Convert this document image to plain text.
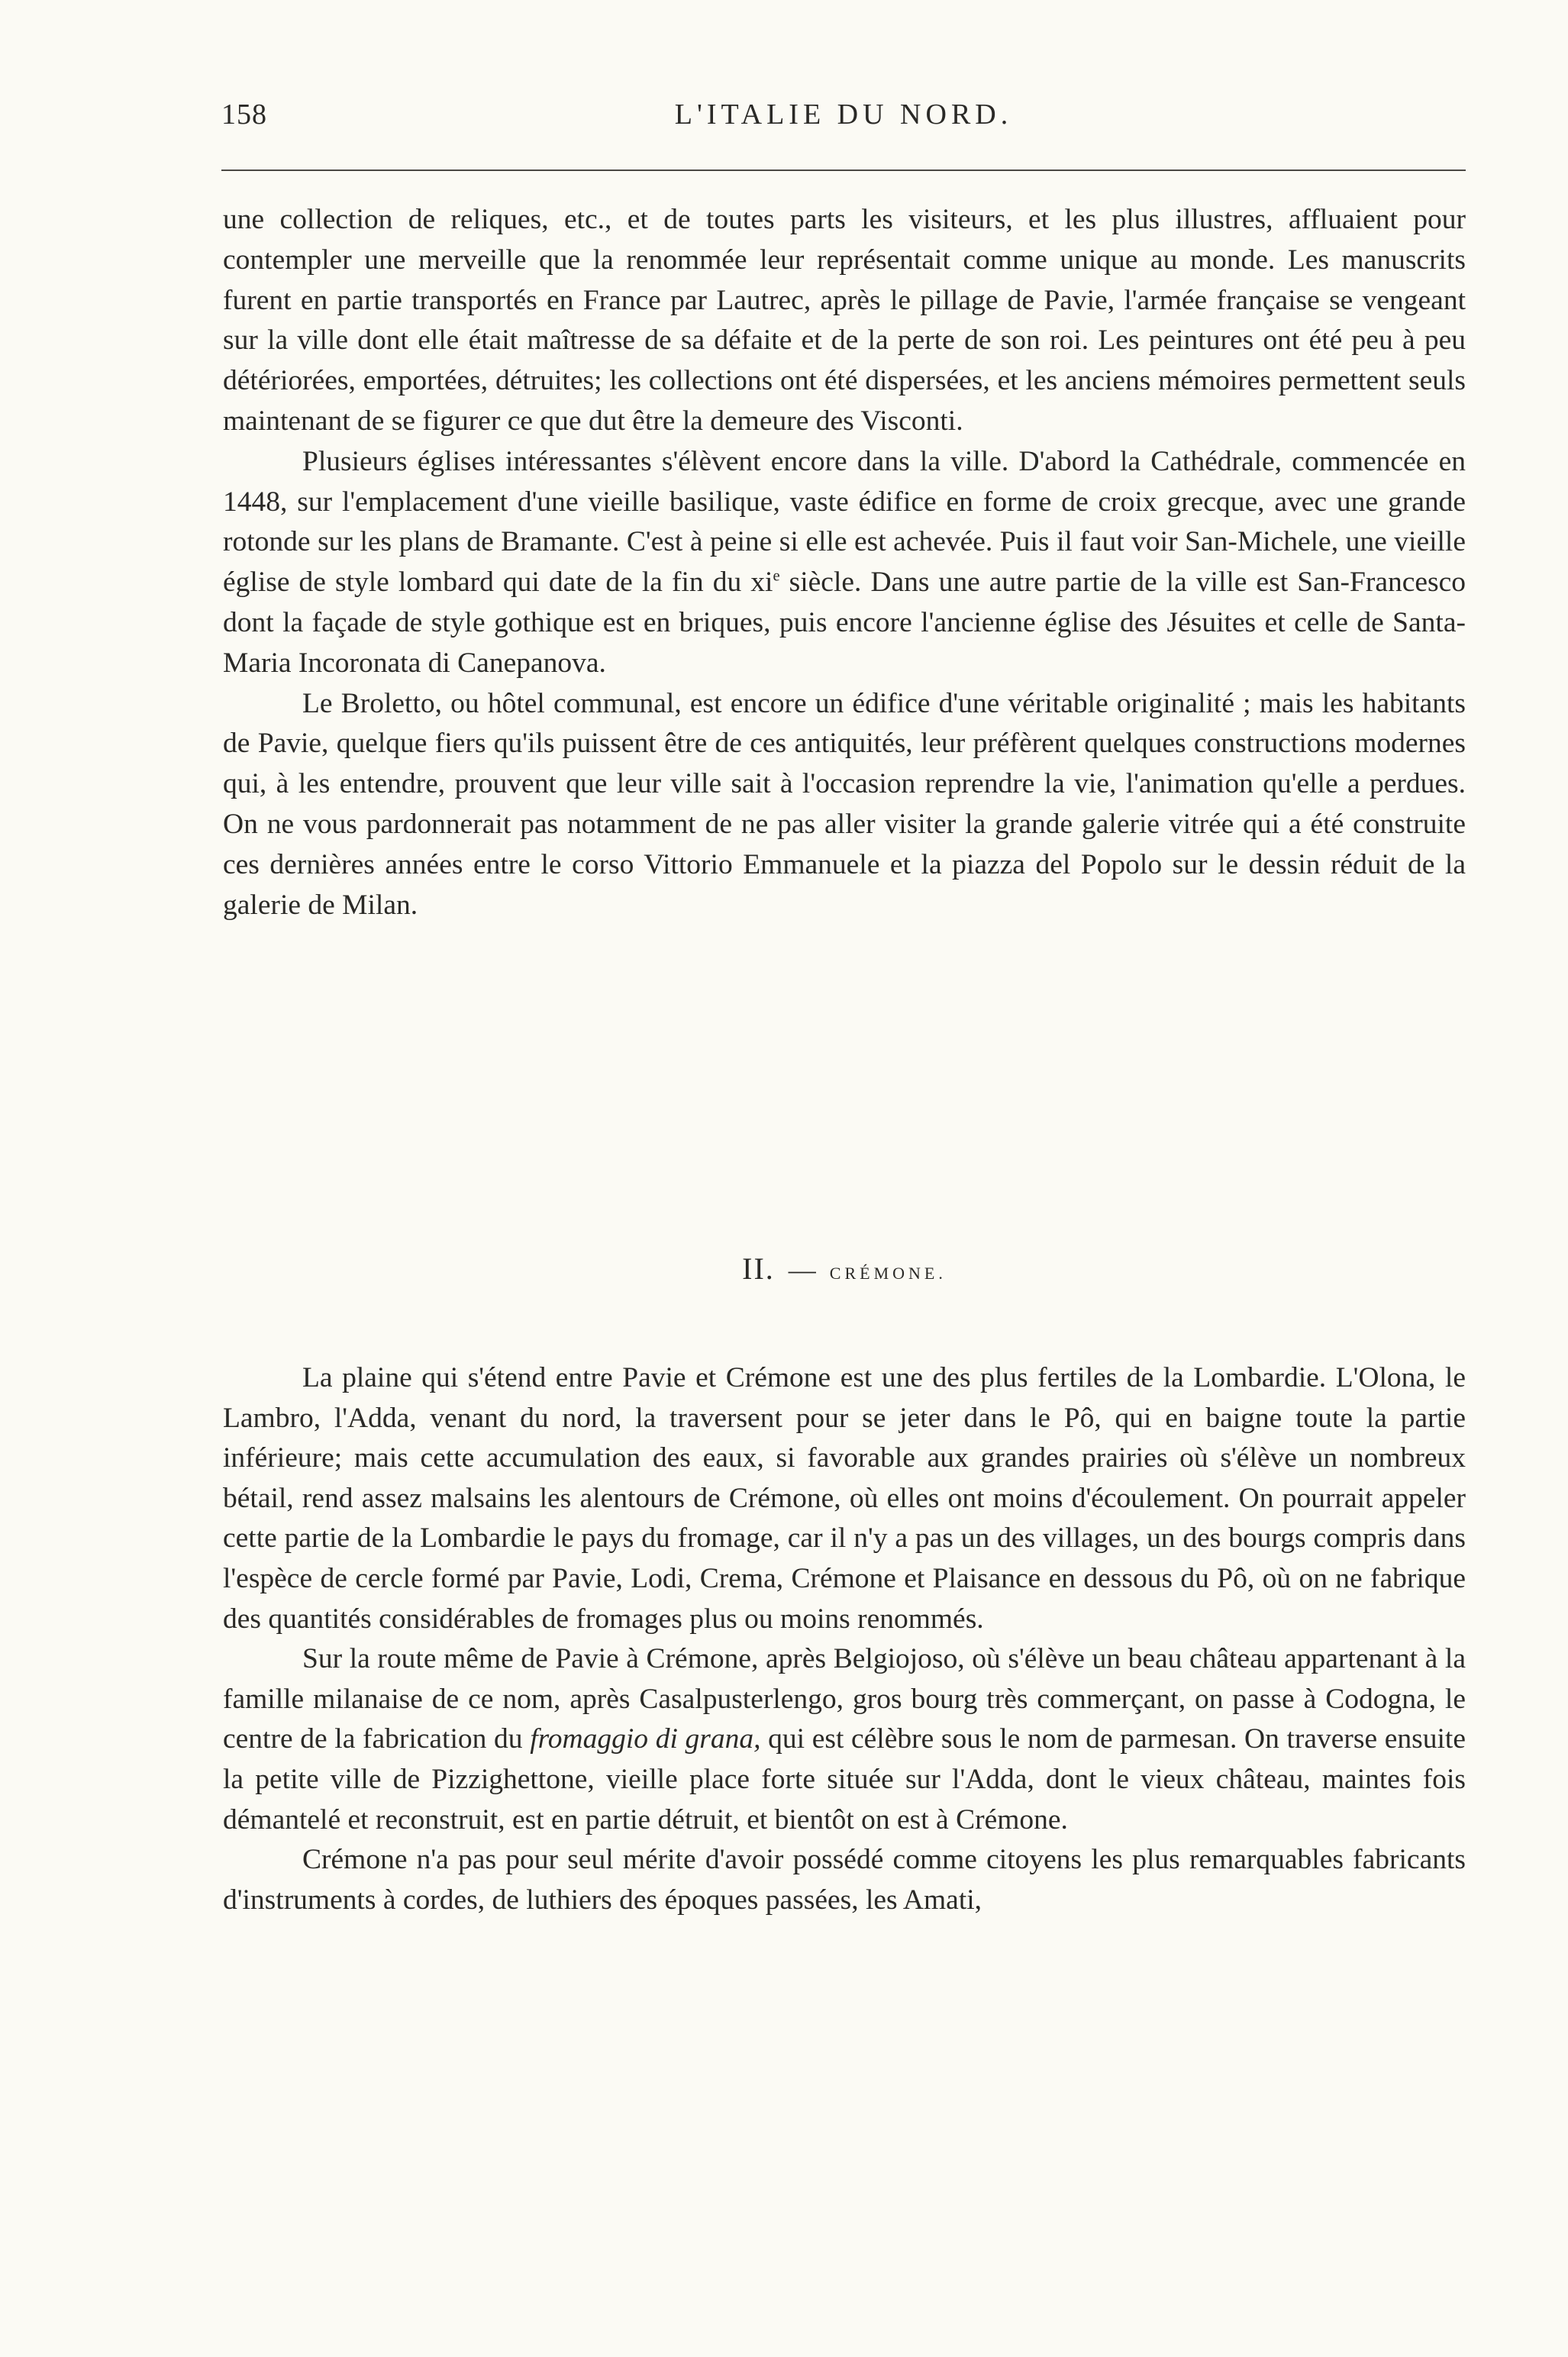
158	L'ITALIE DU NORD.

une collection de reliques, etc., et de toutes parts les visiteurs, et les plus illustres, affluaient pour contempler une merveille que la renommée leur représentait comme unique au monde. Les manuscrits furent en partie transportés en France par Lautrec, après le pillage de Pavie, l'armée française se vengeant sur la ville dont elle était maîtresse de sa défaite et de la perte de son roi. Les peintures ont été peu à peu détériorées, emportées, détruites; les collections ont été dispersées, et les anciens mémoires permettent seuls maintenant de se figurer ce que dut être la demeure des Visconti.

Plusieurs églises intéressantes s'élèvent encore dans la ville. D'abord la Cathédrale, commencée en 1448, sur l'emplacement d'une vieille basilique, vaste édifice en forme de croix grecque, avec une grande rotonde sur les plans de Bramante. C'est à peine si elle est achevée. Puis il faut voir San-Michele, une vieille église de style lombard qui date de la fin du $xi^e$ siècle. Dans une autre partie de la ville est San-Francesco dont la façade de style gothique est en briques, puis encore l'ancienne église des Jésuites et celle de Santa-Maria Incoronata di Canepanova.

Le Broletto, ou hôtel communal, est encore un édifice d'une véritable originalité ; mais les habitants de Pavie, quelque fiers qu'ils puissent être de ces antiquités, leur préfèrent quelques constructions modernes qui, à les entendre, prouvent que leur ville sait à l'occasion reprendre la vie, l'animation qu'elle a perdues. On ne vous pardonnerait pas notamment de ne pas aller visiter la grande galerie vitrée qui a été construite ces dernières années entre le corso Vittorio Emmanuele et la piazza del Popolo sur le dessin réduit de la galerie de Milan.

II. — CRÉMONE.

La plaine qui s'étend entre Pavie et Crémone est une des plus fertiles de la Lombardie. L'Olona, le Lambro, l'Adda, venant du nord, la traversent pour se jeter dans le Pô, qui en baigne toute la partie inférieure; mais cette accumulation des eaux, si favorable aux grandes prairies où s'élève un nombreux bétail, rend assez malsains les alentours de Crémone, où elles ont moins d'écoulement. On pourrait appeler cette partie de la Lombardie le pays du fromage, car il n'y a pas un des villages, un des bourgs compris dans l'espèce de cercle formé par Pavie, Lodi, Crema, Crémone et Plaisance en dessous du Pô, où on ne fabrique des quantités considérables de fromages plus ou moins renommés.

Sur la route même de Pavie à Crémone, après Belgiojoso, où s'élève un beau château appartenant à la famille milanaise de ce nom, après Casalpusterlengo, gros bourg très commerçant, on passe à Codogna, le centre de la fabrication du fromaggio di grana, qui est célèbre sous le nom de parmesan. On traverse ensuite la petite ville de Pizzighettone, vieille place forte située sur l'Adda, dont le vieux château, maintes fois démantelé et reconstruit, est en partie détruit, et bientôt on est à Crémone.

Crémone n'a pas pour seul mérite d'avoir possédé comme citoyens les plus remarquables fabricants d'instruments à cordes, de luthiers des époques passées, les Amati,
